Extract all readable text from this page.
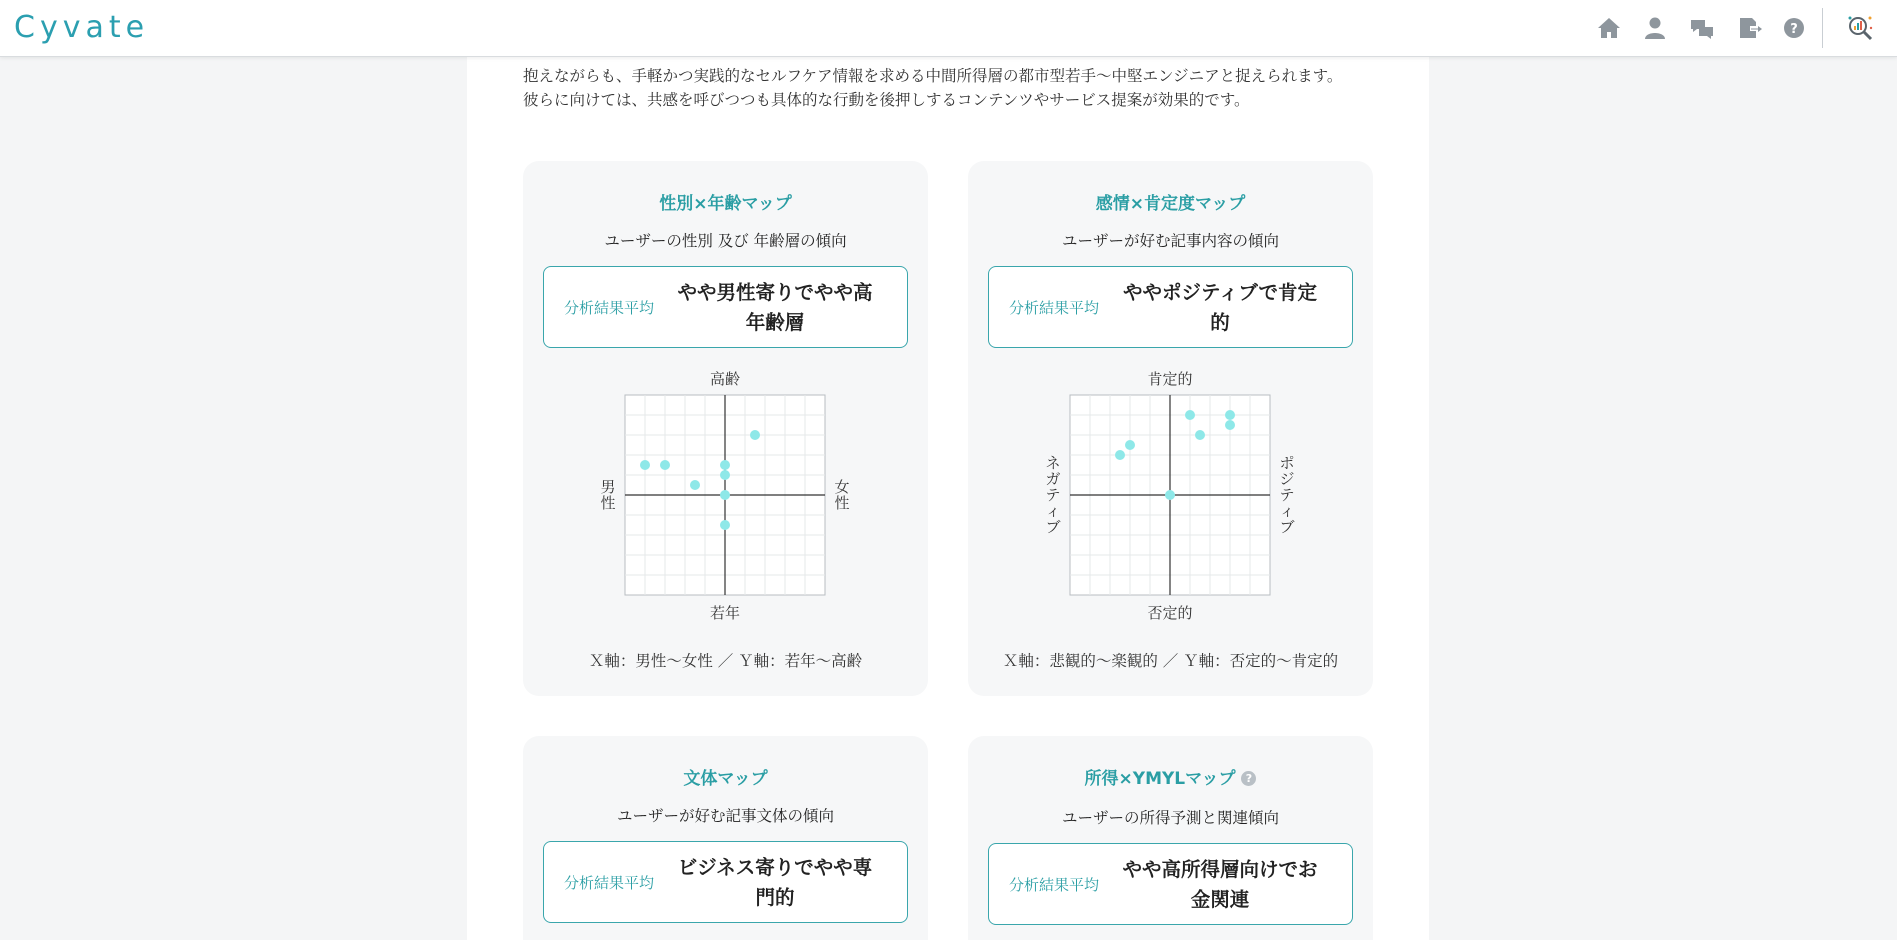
Cyvate	?

抱えながらも、手軽かつ実践的なセルフケア情報を求める中間所得層の都市型若手〜中堅エンジニアと捉えられます。

彼らに向けては、共感を呼びつつも具体的な行動を後押しするコンテンツやサービス提案が効果的です。

性別×年齢マップ
ユーザーの性別 及び 年齢層の傾向
分析結果平均
やや男性寄りでやや高年齢層
高齢
若年
男性
女性
Ｘ軸：男性〜女性 ／ Ｙ軸：若年〜高齢
感情×肯定度マップ
ユーザーが好む記事内容の傾向
分析結果平均
ややポジティブで肯定的
肯定的
否定的
ネガティブ
ポジティブ
Ｘ軸：悲観的〜楽観的 ／ Ｙ軸：否定的〜肯定的
文体マップ
ユーザーが好む記事文体の傾向
分析結果平均
ビジネス寄りでやや専門的
所得×YMYLマップ ?
ユーザーの所得予測と関連傾向
分析結果平均
やや高所得層向けでお金関連
